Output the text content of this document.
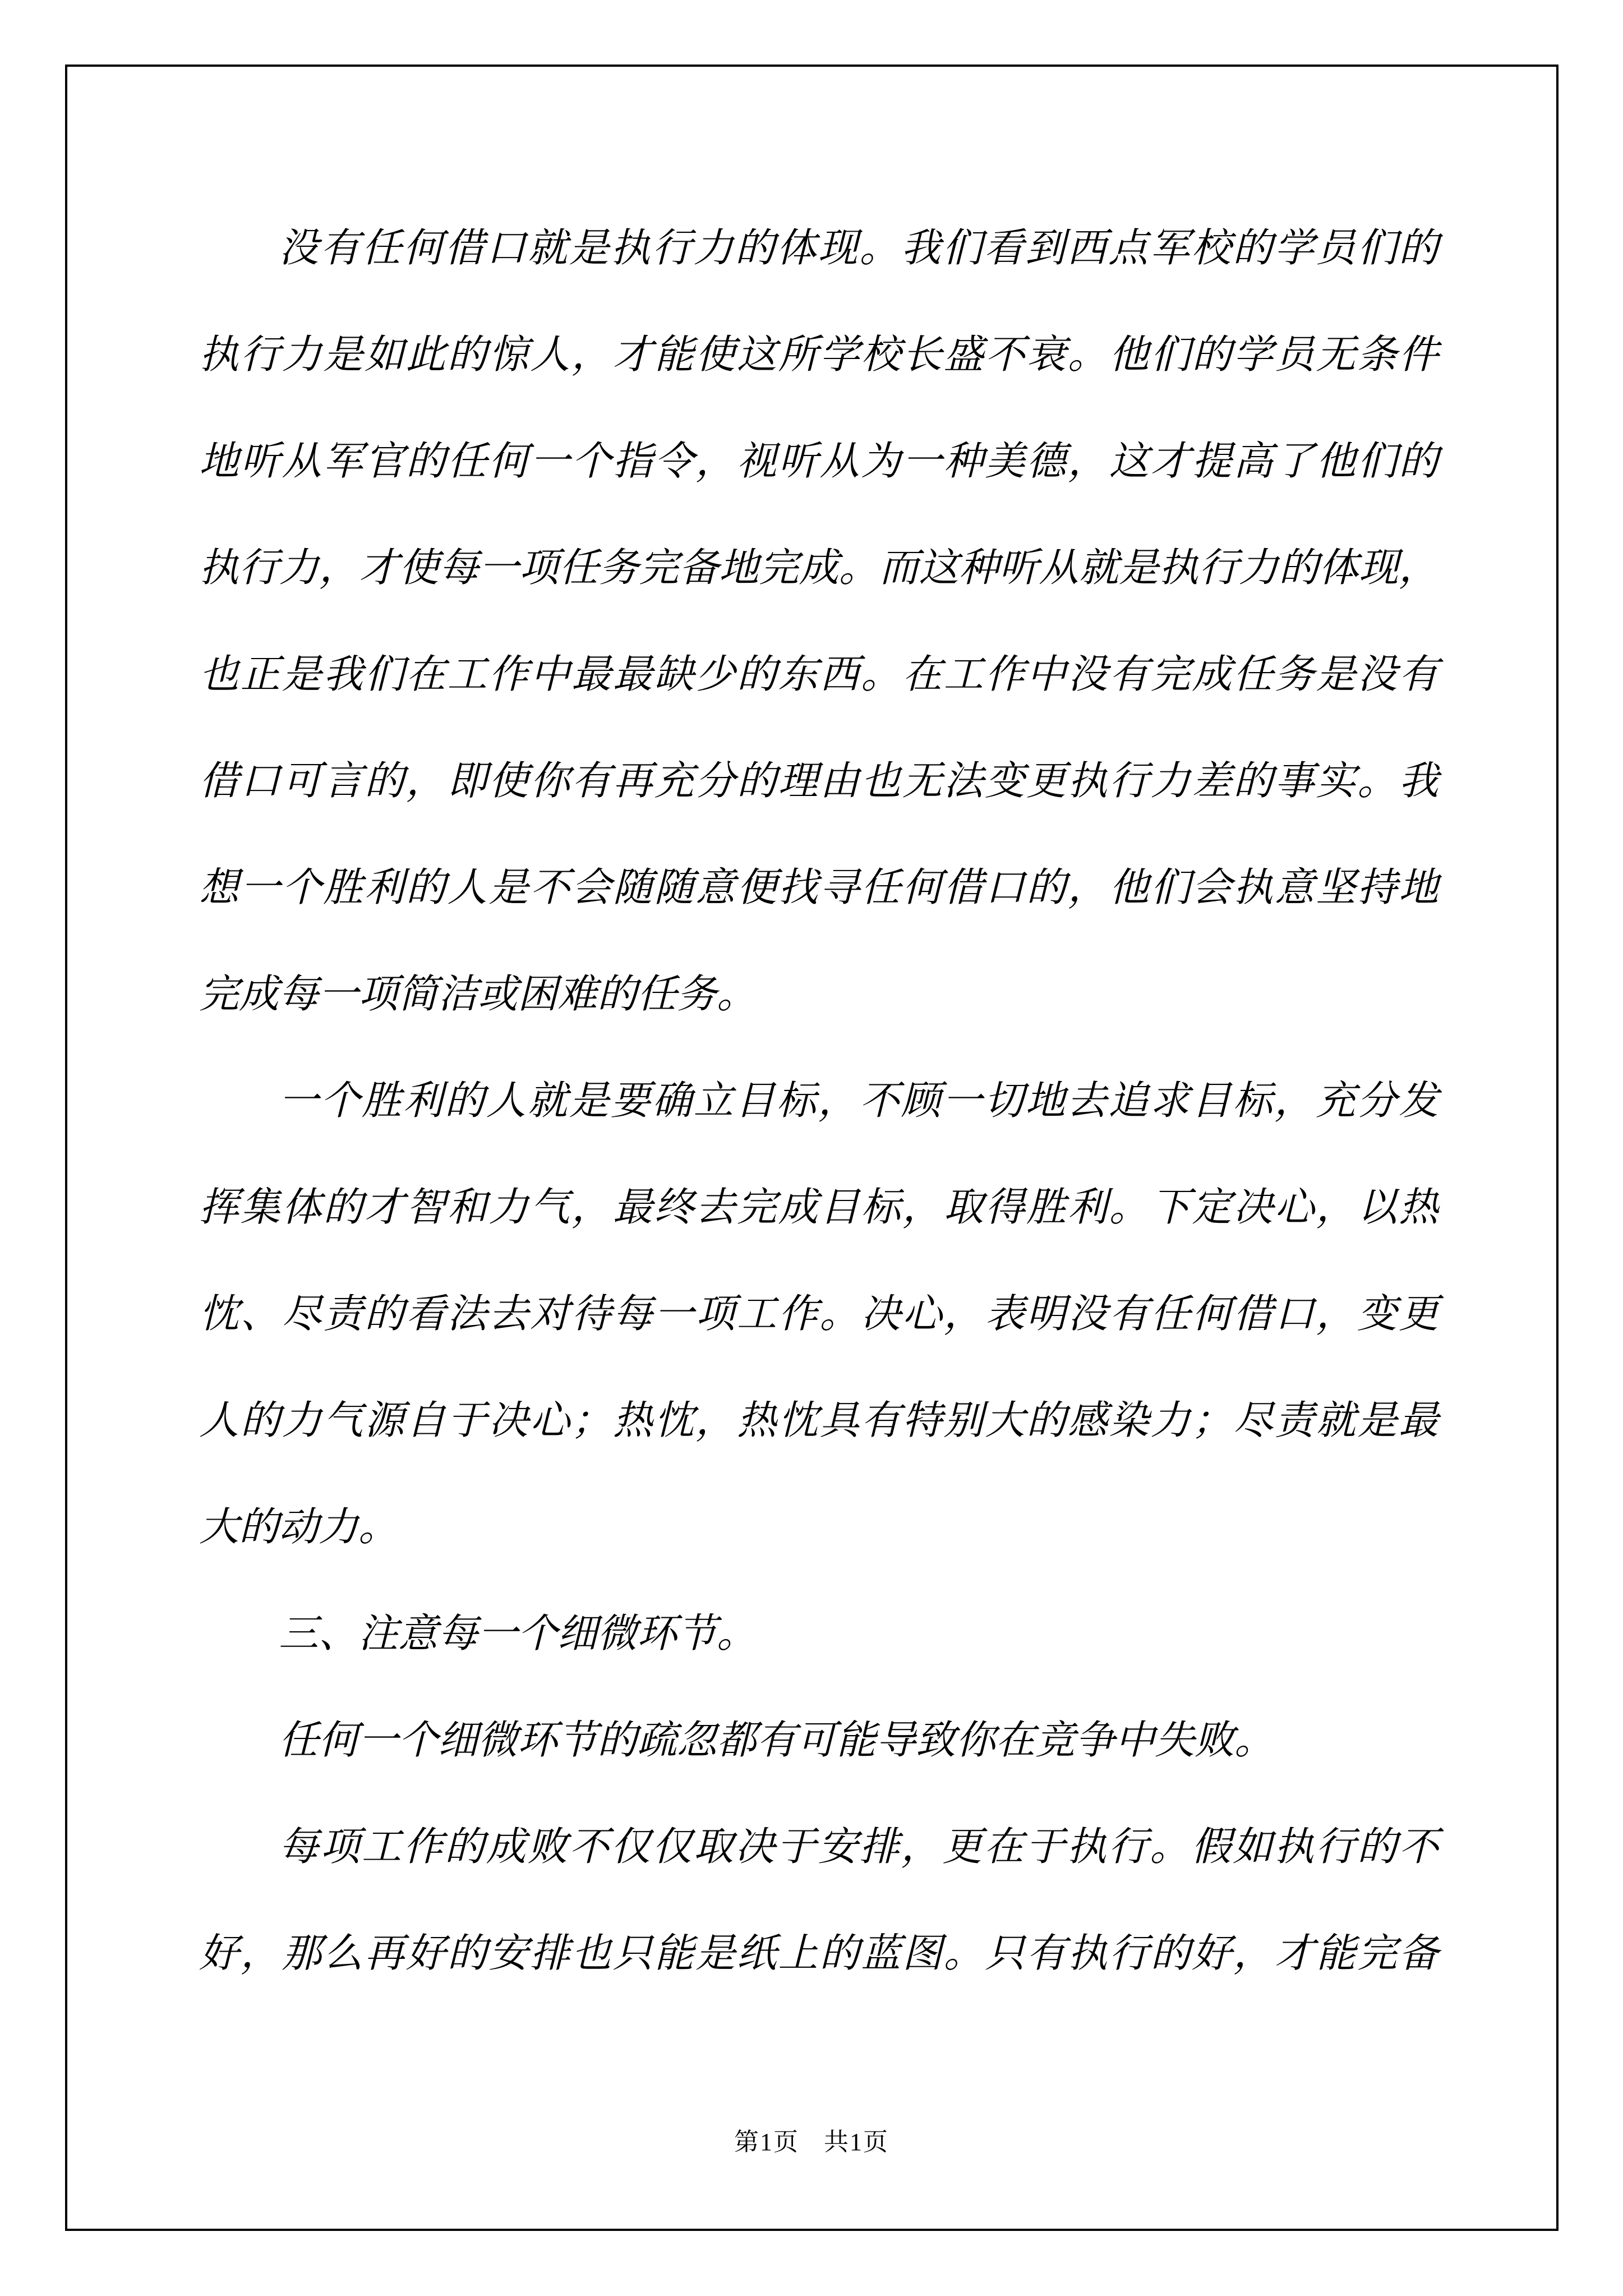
没有任何借口就是执行力的体现。我们看到西点军校的学员们的
执行力是如此的惊人，才能使这所学校长盛不衰。他们的学员无条件
地听从军官的任何一个指令，视听从为一种美德，这才提高了他们的
执行力，才使每一项任务完备地完成。而这种听从就是执行力的体现，
也正是我们在工作中最最缺少的东西。在工作中没有完成任务是没有
借口可言的，即使你有再充分的理由也无法变更执行力差的事实。我
想一个胜利的人是不会随随意便找寻任何借口的，他们会执意坚持地
完成每一项简洁或困难的任务。
一个胜利的人就是要确立目标，不顾一切地去追求目标，充分发
挥集体的才智和力气，最终去完成目标，取得胜利。下定决心，以热
忱、尽责的看法去对待每一项工作。决心，表明没有任何借口，变更
人的力气源自于决心；热忱，热忱具有特别大的感染力；尽责就是最
大的动力。
三、注意每一个细微环节。
任何一个细微环节的疏忽都有可能导致你在竞争中失败。
每项工作的成败不仅仅取决于安排，更在于执行。假如执行的不
好，那么再好的安排也只能是纸上的蓝图。只有执行的好，才能完备
第1页 共1页
